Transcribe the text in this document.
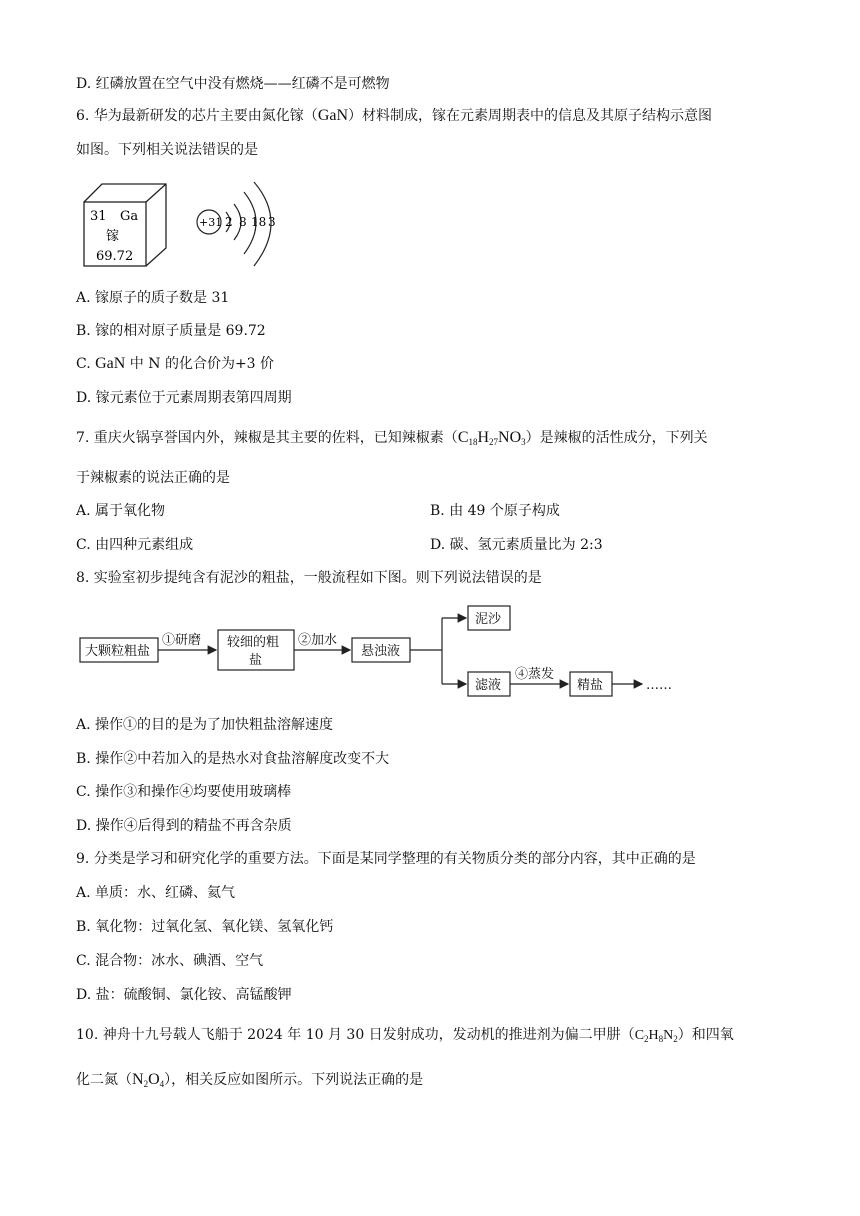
D. 红磷放置在空气中没有燃烧——红磷不是可燃物
6. 华为最新研发的芯片主要由氮化镓（GaN）材料制成，镓在元素周期表中的信息及其原子结构示意图
如图。下列相关说法错误的是
31 Ga
镓
69.72
+31 2 8 18 3
A. 镓原子的质子数是 31
B. 镓的相对原子质量是 69.72
C. GaN 中 N 的化合价为+3 价
D. 镓元素位于元素周期表第四周期
7. 重庆火锅享誉国内外，辣椒是其主要的佐料，已知辣椒素$(C_{18}H_{27}NO_3)$是辣椒的活性成分，下列关
于辣椒素的说法正确的是
A. 属于氧化物	B. 由 49 个原子构成
C. 由四种元素组成	D. 碳、氢元素质量比为 2:3
8. 实验室初步提纯含有泥沙的粗盐，一般流程如下图。则下列说法错误的是
大颗粒粗盐
①研磨 较细的粗
盐
②加水
悬浊液
泥沙
滤液
④蒸发
精盐	……
A. 操作①的目的是为了加快粗盐溶解速度
B. 操作②中若加入的是热水对食盐溶解度改变不大
C. 操作③和操作④均要使用玻璃棒
D. 操作④后得到的精盐不再含杂质
9. 分类是学习和研究化学的重要方法。下面是某同学整理的有关物质分类的部分内容，其中正确的是
A. 单质：水、红磷、氦气
B. 氧化物：过氧化氢、氧化镁、氢氧化钙
C. 混合物：冰水、碘酒、空气
D. 盐：硫酸铜、氯化铵、高锰酸钾
10. 神舟十九号载人飞船于 2024 年 10 月 30 日发射成功，发动机的推进剂为偏二甲肼$(C_2H_8N_2)$和四氧
化二氮$(N_2O_4)$，相关反应如图所示。下列说法正确的是
